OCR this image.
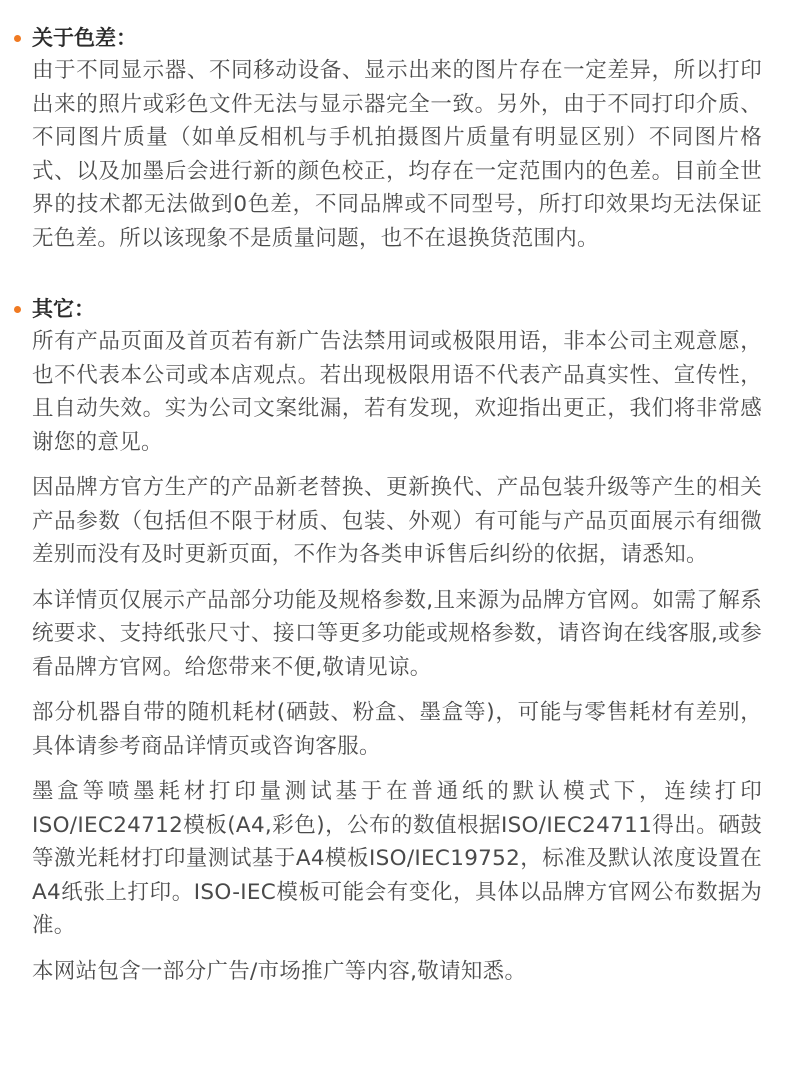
关于色差：

由于不同显示器、不同移动设备、显示出来的图片存在一定差异，所以打印出来的照片或彩色文件无法与显示器完全一致。另外，由于不同打印介质、不同图片质量（如单反相机与手机拍摄图片质量有明显区别）不同图片格式、以及加墨后会进行新的颜色校正，均存在一定范围内的色差。目前全世界的技术都无法做到0色差，不同品牌或不同型号，所打印效果均无法保证无色差。所以该现象不是质量问题，也不在退换货范围内。

其它：

所有产品页面及首页若有新广告法禁用词或极限用语，非本公司主观意愿，也不代表本公司或本店观点。若出现极限用语不代表产品真实性、宣传性，且自动失效。实为公司文案纰漏，若有发现，欢迎指出更正，我们将非常感谢您的意见。

因品牌方官方生产的产品新老替换、更新换代、产品包装升级等产生的相关产品参数（包括但不限于材质、包装、外观）有可能与产品页面展示有细微差别而没有及时更新页面，不作为各类申诉售后纠纷的依据，请悉知。

本详情页仅展示产品部分功能及规格参数,且来源为品牌方官网。如需了解系统要求、支持纸张尺寸、接口等更多功能或规格参数，请咨询在线客服,或参看品牌方官网。给您带来不便,敬请见谅。

部分机器自带的随机耗材(硒鼓、粉盒、墨盒等)，可能与零售耗材有差别，具体请参考商品详情页或咨询客服。

墨盒等喷墨耗材打印量测试基于在普通纸的默认模式下，连续打印ISO/IEC24712模板(A4,彩色)，公布的数值根据ISO/IEC24711得出。硒鼓等激光耗材打印量测试基于A4模板ISO/IEC19752，标准及默认浓度设置在A4纸张上打印。ISO-IEC模板可能会有变化，具体以品牌方官网公布数据为准。

本网站包含一部分广告/市场推广等内容,敬请知悉。
